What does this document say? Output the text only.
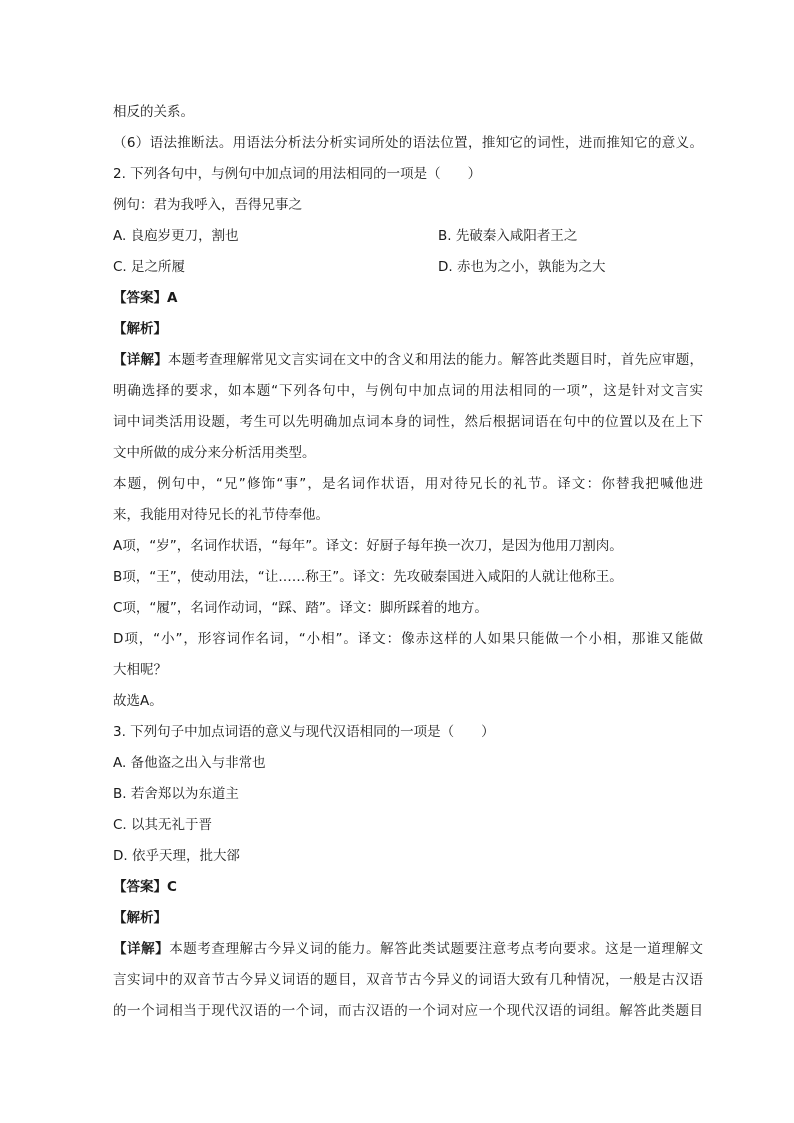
相反的关系。
（6）语法推断法。用语法分析法分析实词所处的语法位置，推知它的词性，进而推知它的意义。
2. 下列各句中，与例句中加点词的用法相同的一项是（　　）
例句：君为我呼入，吾得兄事之
A. 良庖岁更刀，割也	B. 先破秦入咸阳者王之
C. 足之所履	D. 赤也为之小，孰能为之大
【答案】A
【解析】
【详解】本题考查理解常见文言实词在文中的含义和用法的能力。解答此类题目时，首先应审题，
明确选择的要求，如本题“下列各句中，与例句中加点词的用法相同的一项”，这是针对文言实
词中词类活用设题，考生可以先明确加点词本身的词性，然后根据词语在句中的位置以及在上下
文中所做的成分来分析活用类型。
本题，例句中，“兄”修饰“事”，是名词作状语，用对待兄长的礼节。译文：你替我把喊他进
来，我能用对待兄长的礼节侍奉他。
A项，“岁”，名词作状语，“每年”。译文：好厨子每年换一次刀，是因为他用刀割肉。
B项，“王”，使动用法，“让……称王”。译文：先攻破秦国进入咸阳的人就让他称王。
C项，“履”，名词作动词，“踩、踏”。译文：脚所踩着的地方。
D项，“小”，形容词作名词，“小相”。译文：像赤这样的人如果只能做一个小相，那谁又能做
大相呢？
故选A。
3. 下列句子中加点词语的意义与现代汉语相同的一项是（　　）
A. 备他盗之出入与非常也
B. 若舍郑以为东道主
C. 以其无礼于晋
D. 依乎天理，批大郤
【答案】C
【解析】
【详解】本题考查理解古今异义词的能力。解答此类试题要注意考点考向要求。这是一道理解文
言实词中的双音节古今异义词语的题目，双音节古今异义的词语大致有几种情况，一般是古汉语
的一个词相当于现代汉语的一个词，而古汉语的一个词对应一个现代汉语的词组。解答此类题目
